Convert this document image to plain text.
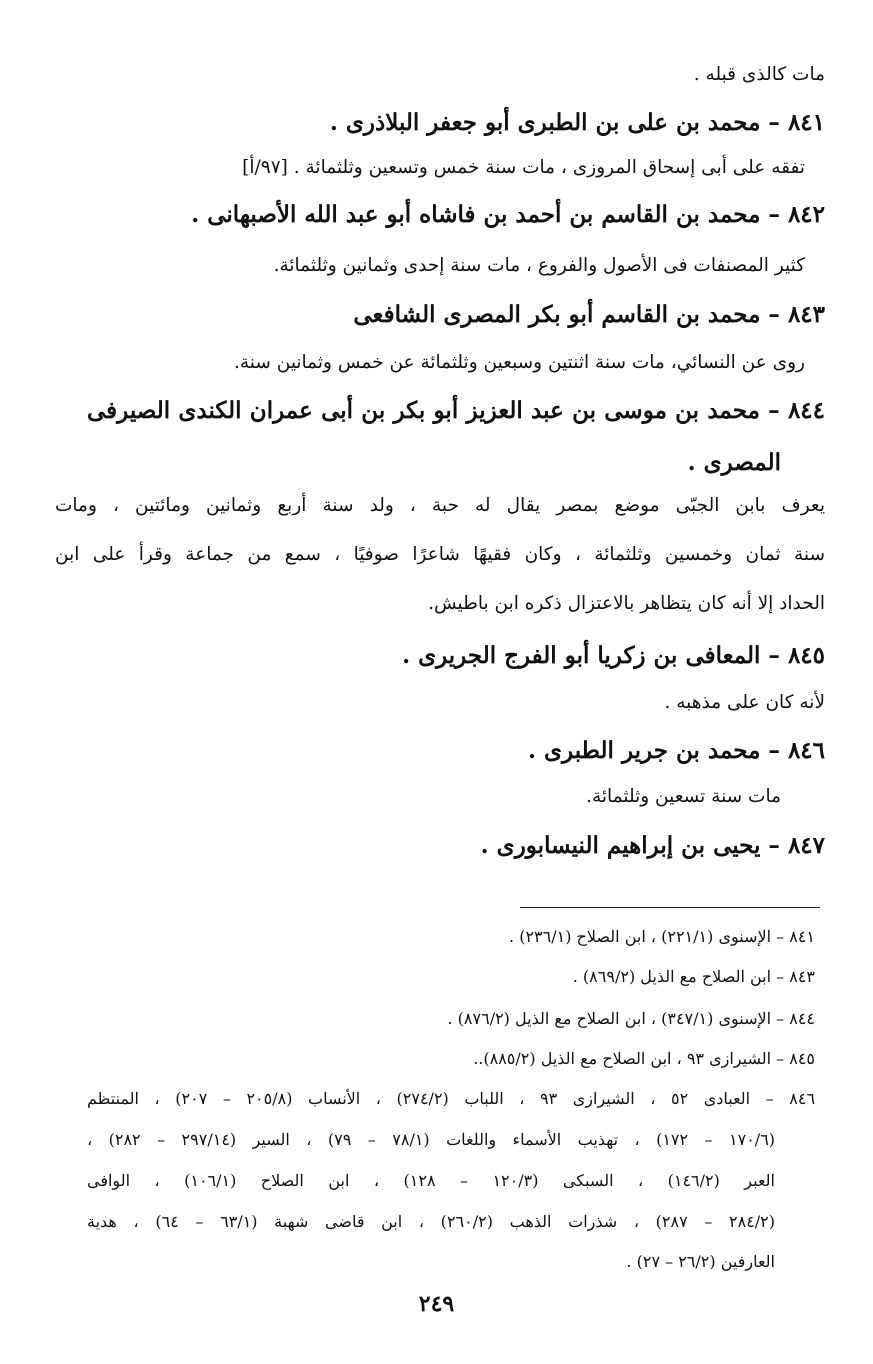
مات كالذى قبله .
٨٤١ – محمد بن على بن الطبرى أبو جعفر البلاذرى .
تفقه على أبى إسحاق المروزى ، مات سنة خمس وتسعين وثلثمائة . [٩٧/أ]
٨٤٢ – محمد بن القاسم بن أحمد بن فاشاه أبو عبد الله الأصبهانى .
كثير المصنفات فى الأصول والفروع ، مات سنة إحدى وثمانين وثلثمائة.
٨٤٣ – محمد بن القاسم أبو بكر المصرى الشافعى
روى عن النسائي، مات سنة اثنتين وسبعين وثلثمائة عن خمس وثمانين سنة.
٨٤٤ – محمد بن موسى بن عبد العزيز أبو بكر بن أبى عمران الكندى الصيرفى
المصرى .
يعرف بابن الجبّى موضع بمصر يقال له حبة ، ولد سنة أربع وثمانين ومائتين ، ومات
سنة ثمان وخمسين وثلثمائة ، وكان فقيهًا شاعرًا صوفيًا ، سمع من جماعة وقرأ على ابن
الحداد إلا أنه كان يتظاهر بالاعتزال ذكره ابن باطيش.
٨٤٥ – المعافى بن زكريا أبو الفرج الجريرى .
لأنه كان على مذهبه .
٨٤٦ – محمد بن جرير الطبرى .
مات سنة تسعين وثلثمائة.
٨٤٧ – يحيى بن إبراهيم النيسابورى .
٨٤١ – الإسنوى (٢٢١/١) ، ابن الصلاح (٢٣٦/١) .
٨٤٣ – ابن الصلاح مع الذيل (٨٦٩/٢) .
٨٤٤ – الإسنوى (٣٤٧/١) ، ابن الصلاح مع الذيل (٨٧٦/٢) .
٨٤٥ – الشيرازى ٩٣ ، ابن الصلاح مع الذيل (٨٨٥/٢)..
٨٤٦ – العبادى ٥٢ ، الشيرازى ٩٣ ، اللباب (٢٧٤/٢) ، الأنساب (٢٠٥/٨ – ٢٠٧) ، المنتظم
(١٧٠/٦ – ١٧٢) ، تهذيب الأسماء واللغات (٧٨/١ – ٧٩) ، السير (٢٩٧/١٤ – ٢٨٢) ،
العبر (١٤٦/٢) ، السبكى (١٢٠/٣ – ١٢٨) ، ابن الصلاح (١٠٦/١) ، الوافى
(٢٨٤/٢ – ٢٨٧) ، شذرات الذهب (٢٦٠/٢) ، ابن قاضى شهبة (٦٣/١ – ٦٤) ، هدية
العارفين (٢٦/٢ – ٢٧) .
٢٤٩
